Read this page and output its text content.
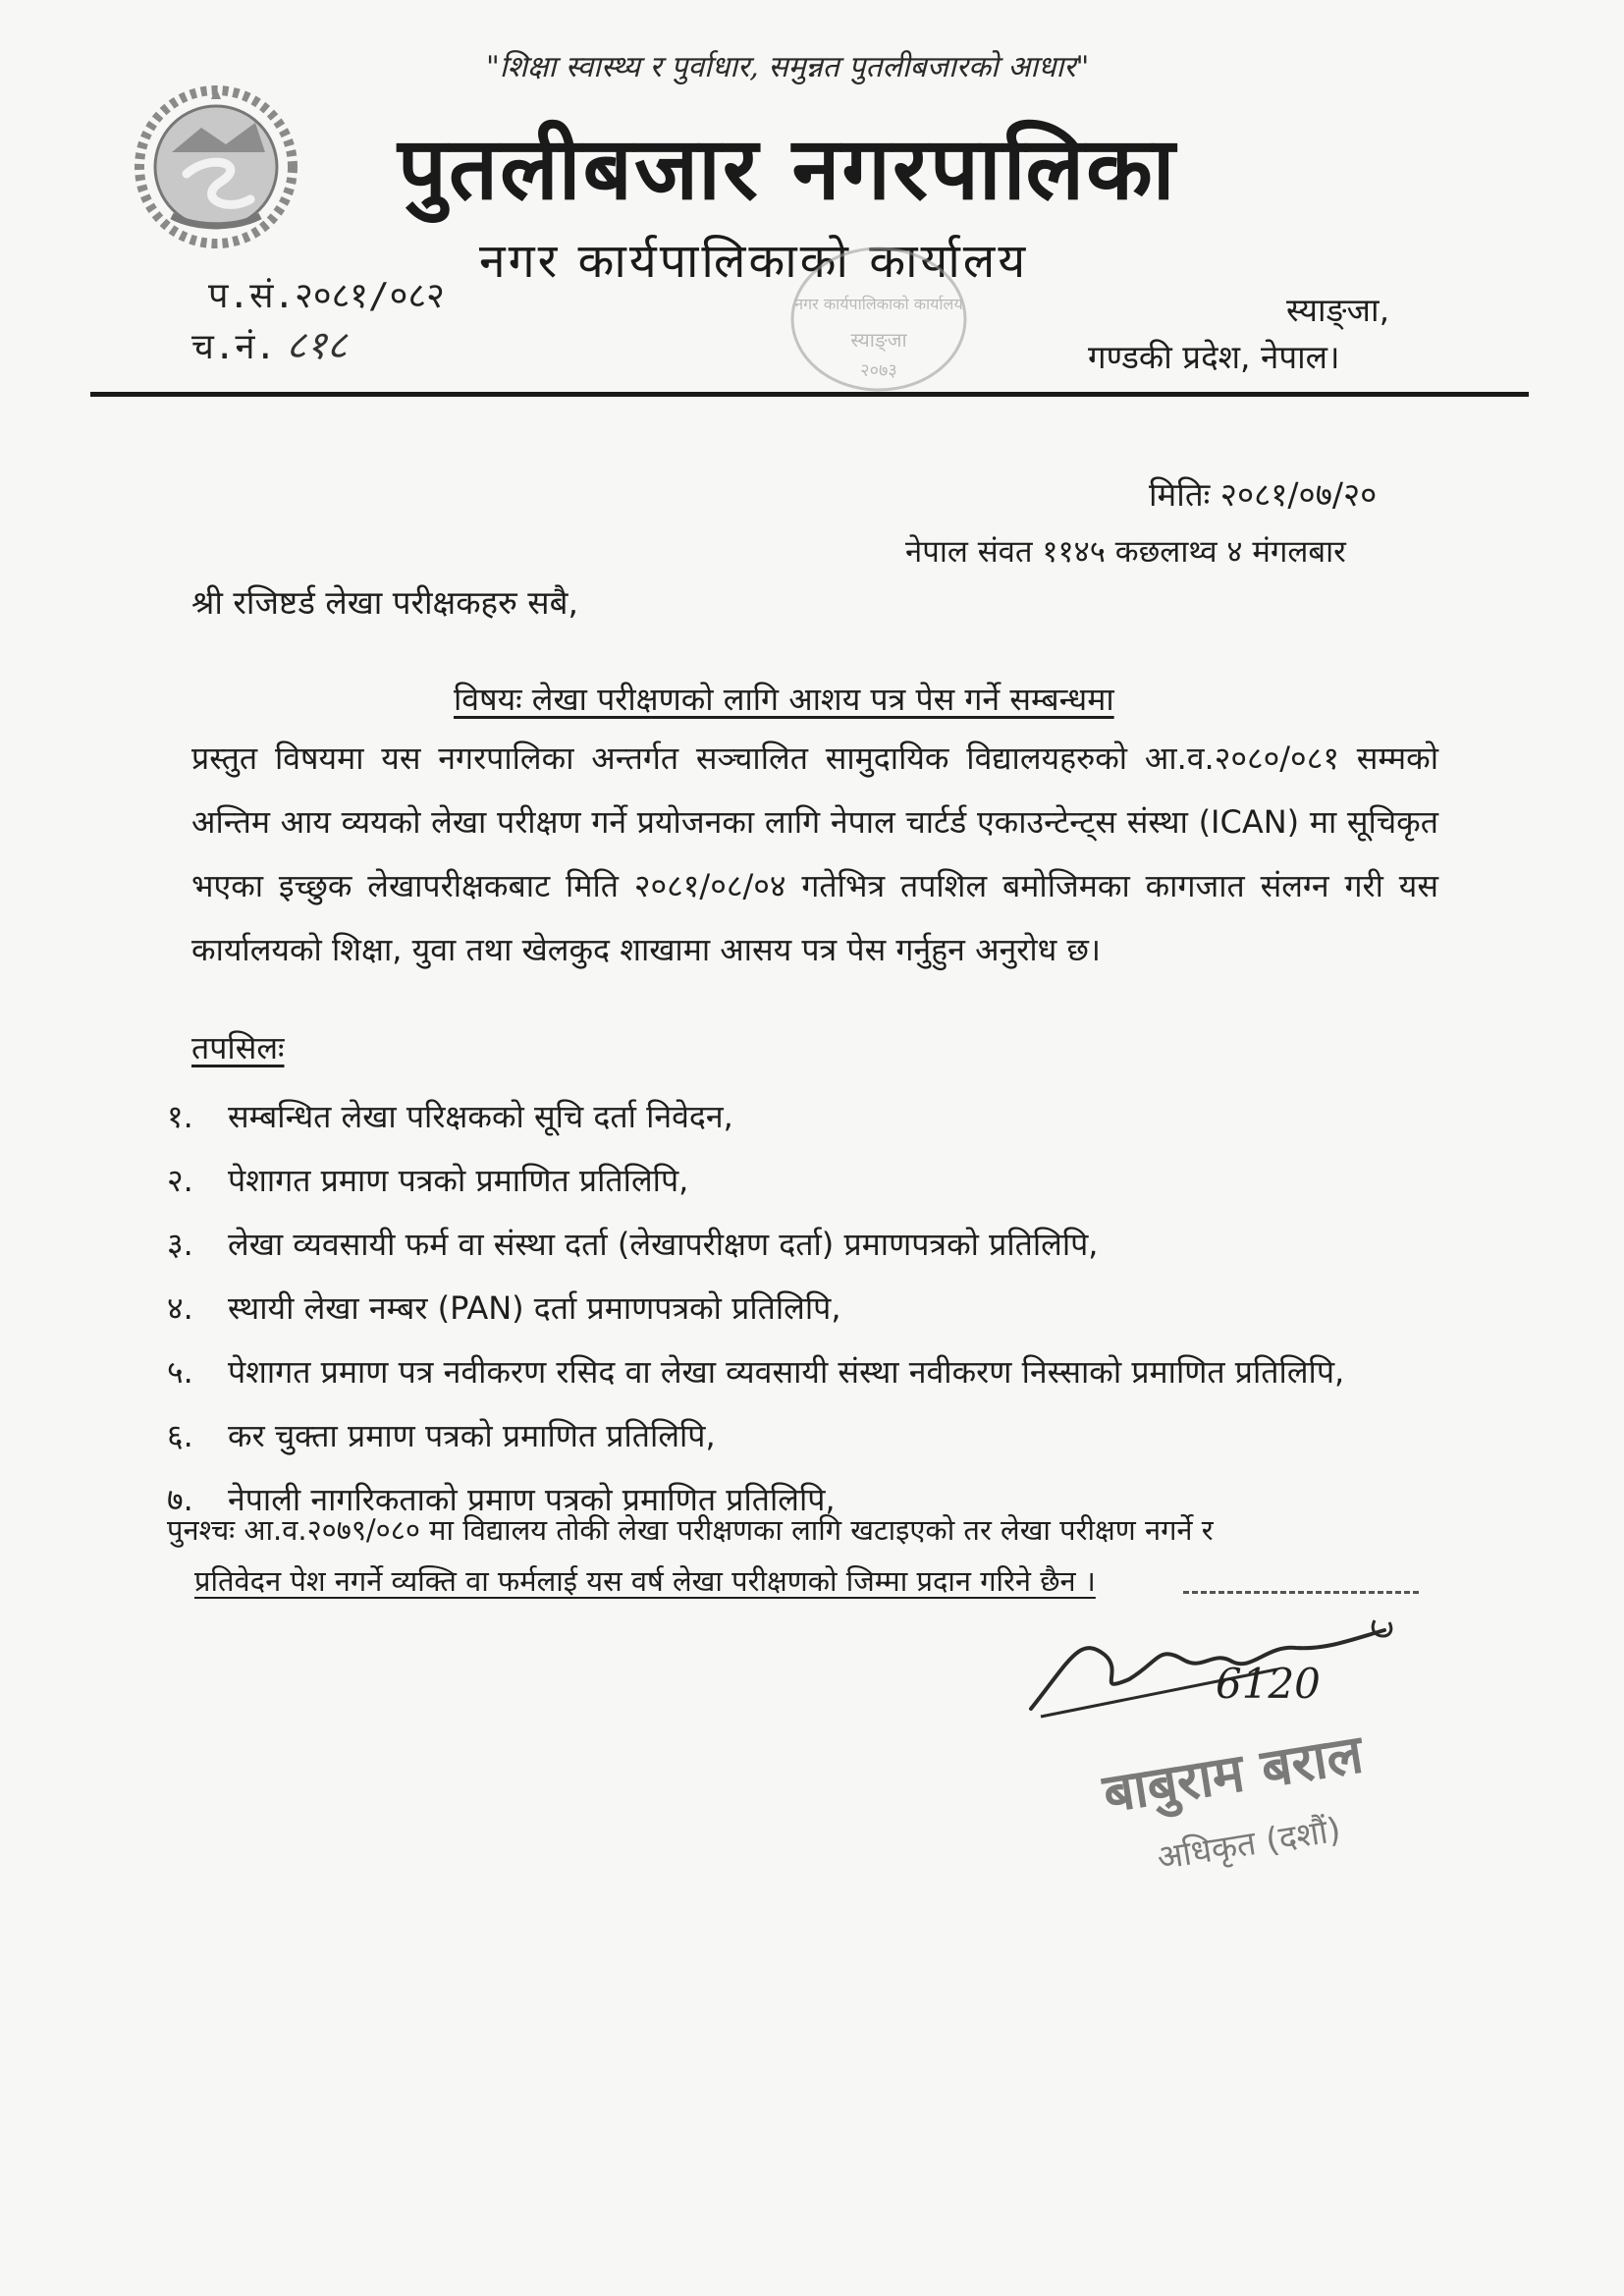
"शिक्षा स्वास्थ्य र पुर्वाधार, समुन्नत पुतलीबजारको आधार"
पुतलीबजार नगरपालिका
नगर कार्यपालिकाको कार्यालय
प.सं.२०८१/०८२
च.नं. ८१८
नगर कार्यपालिकाको कार्यालय
स्याङ्जा
२०७३
स्याङ्जा,
गण्डकी प्रदेश, नेपाल।
मितिः २०८१/०७/२०
नेपाल संवत ११४५ कछलाथ्व ४ मंगलबार
श्री रजिष्टर्ड लेखा परीक्षकहरु सबै,
विषयः लेखा परीक्षणको लागि आशय पत्र पेस गर्ने सम्बन्धमा
प्रस्तुत विषयमा यस नगरपालिका अन्तर्गत सञ्चालित सामुदायिक विद्यालयहरुको आ.व.२०८०/०८१ सम्मको अन्तिम आय व्ययको लेखा परीक्षण गर्ने प्रयोजनका लागि नेपाल चार्टर्ड एकाउन्टेन्ट्स संस्था (ICAN) मा सूचिकृत भएका इच्छुक लेखापरीक्षकबाट मिति २०८१/०८/०४ गतेभित्र तपशिल बमोजिमका कागजात संलग्न गरी यस कार्यालयको शिक्षा, युवा तथा खेलकुद शाखामा आसय पत्र पेस गर्नुहुन अनुरोध छ।
तपसिलः
१. सम्बन्धित लेखा परिक्षकको सूचि दर्ता निवेदन,
२. पेशागत प्रमाण पत्रको प्रमाणित प्रतिलिपि,
३. लेखा व्यवसायी फर्म वा संस्था दर्ता (लेखापरीक्षण दर्ता) प्रमाणपत्रको प्रतिलिपि,
४. स्थायी लेखा नम्बर (PAN) दर्ता प्रमाणपत्रको प्रतिलिपि,
५. पेशागत प्रमाण पत्र नवीकरण रसिद वा लेखा व्यवसायी संस्था नवीकरण निस्साको प्रमाणित प्रतिलिपि,
६. कर चुक्ता प्रमाण पत्रको प्रमाणित प्रतिलिपि,
७. नेपाली नागरिकताको प्रमाण पत्रको प्रमाणित प्रतिलिपि,
पुनश्चः आ.व.२०७९/०८० मा विद्यालय तोकी लेखा परीक्षणका लागि खटाइएको तर लेखा परीक्षण नगर्ने र
प्रतिवेदन पेश नगर्ने व्यक्ति वा फर्मलाई यस वर्ष लेखा परीक्षणको जिम्मा प्रदान गरिने छैन ।
6120
बाबुराम बराल
अधिकृत (दशौं)
